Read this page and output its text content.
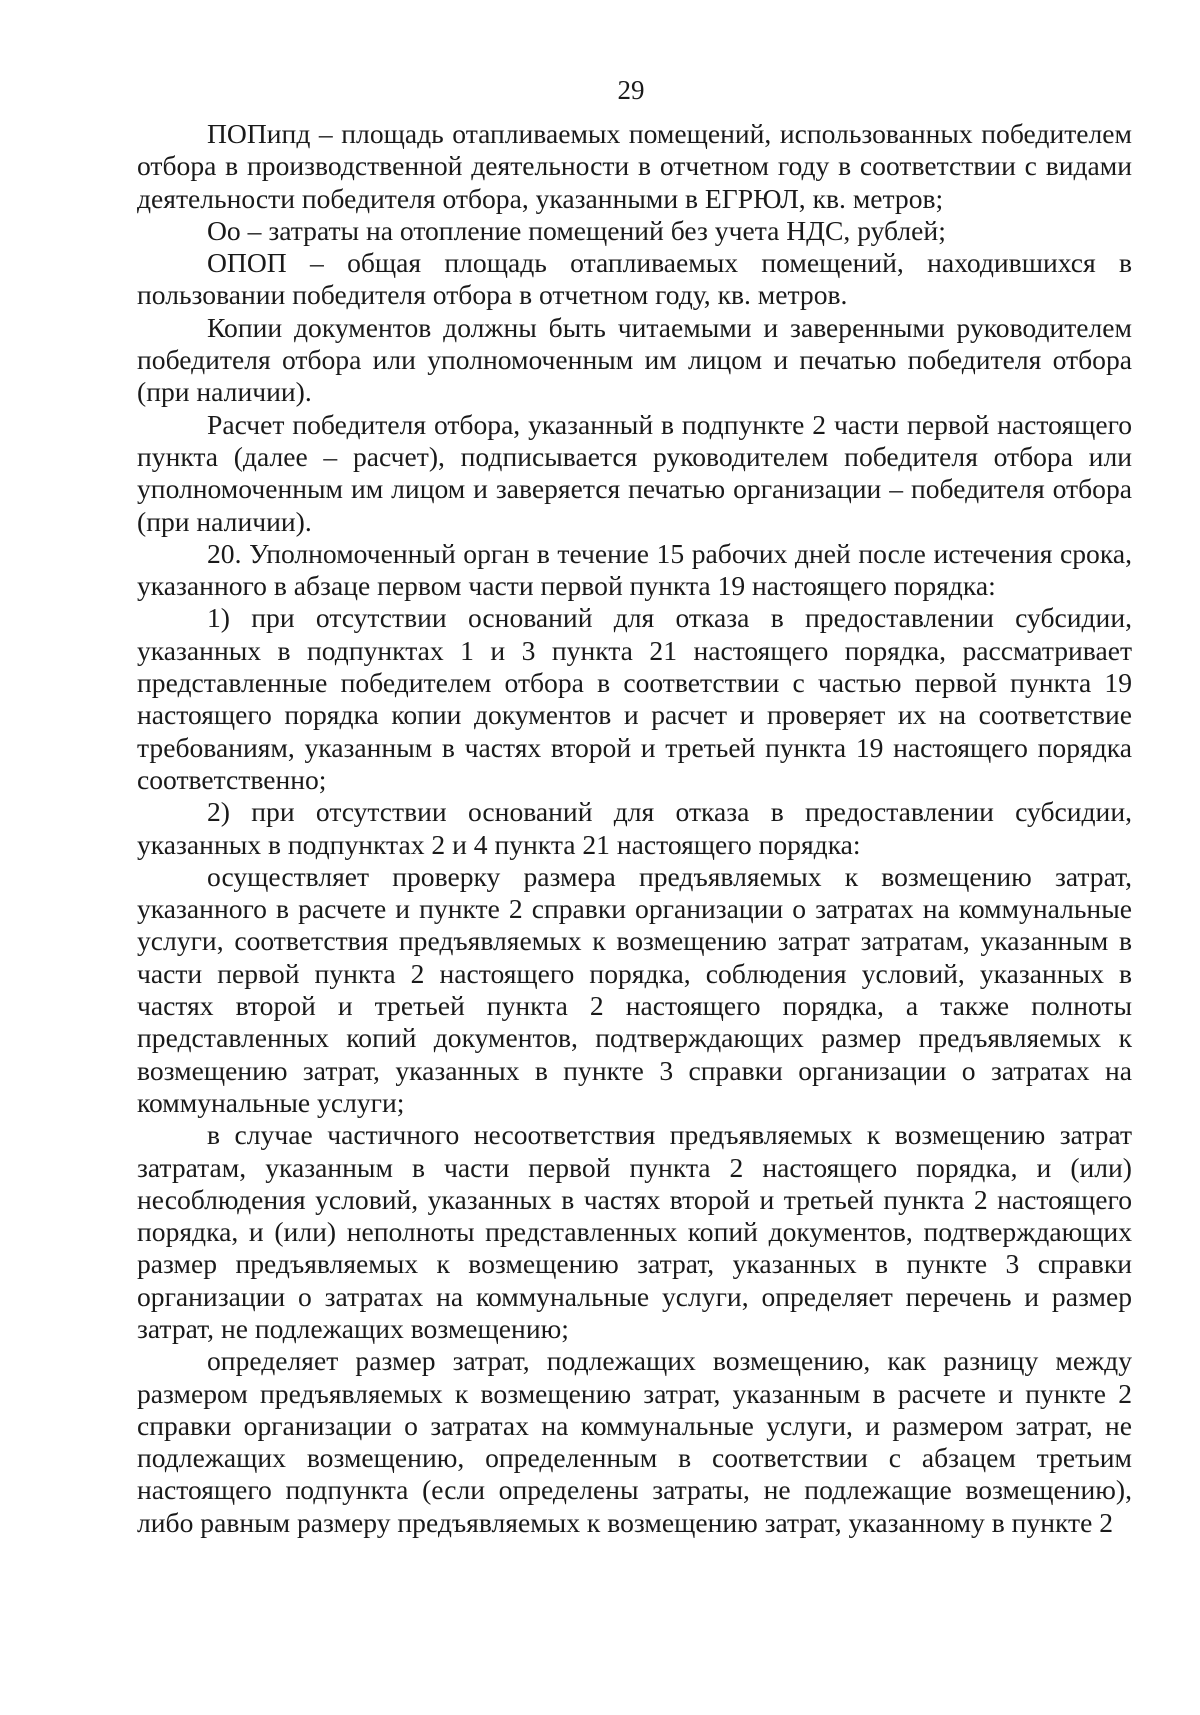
29

ПОПипд – площадь отапливаемых помещений, использованных победителем отбора в производственной деятельности в отчетном году в соответствии с видами деятельности победителя отбора, указанными в ЕГРЮЛ, кв. метров;

Оо – затраты на отопление помещений без учета НДС, рублей;

ОПОП – общая площадь отапливаемых помещений, находившихся в пользовании победителя отбора в отчетном году, кв. метров.

Копии документов должны быть читаемыми и заверенными руководителем победителя отбора или уполномоченным им лицом и печатью победителя отбора (при наличии).

Расчет победителя отбора, указанный в подпункте 2 части первой настоящего пункта (далее – расчет), подписывается руководителем победителя отбора или уполномоченным им лицом и заверяется печатью организации – победителя отбора (при наличии).

20. Уполномоченный орган в течение 15 рабочих дней после истечения срока, указанного в абзаце первом части первой пункта 19 настоящего порядка:

1) при отсутствии оснований для отказа в предоставлении субсидии, указанных в подпунктах 1 и 3 пункта 21 настоящего порядка, рассматривает представленные победителем отбора в соответствии с частью первой пункта 19 настоящего порядка копии документов и расчет и проверяет их на соответствие требованиям, указанным в частях второй и третьей пункта 19 настоящего порядка соответственно;

2) при отсутствии оснований для отказа в предоставлении субсидии, указанных в подпунктах 2 и 4 пункта 21 настоящего порядка:

осуществляет проверку размера предъявляемых к возмещению затрат, указанного в расчете и пункте 2 справки организации о затратах на коммунальные услуги, соответствия предъявляемых к возмещению затрат затратам, указанным в части первой пункта 2 настоящего порядка, соблюдения условий, указанных в частях второй и третьей пункта 2 настоящего порядка, а также полноты представленных копий документов, подтверждающих размер предъявляемых к возмещению затрат, указанных в пункте 3 справки организации о затратах на коммунальные услуги;

в случае частичного несоответствия предъявляемых к возмещению затрат затратам, указанным в части первой пункта 2 настоящего порядка, и (или) несоблюдения условий, указанных в частях второй и третьей пункта 2 настоящего порядка, и (или) неполноты представленных копий документов, подтверждающих размер предъявляемых к возмещению затрат, указанных в пункте 3 справки организации о затратах на коммунальные услуги, определяет перечень и размер затрат, не подлежащих возмещению;

определяет размер затрат, подлежащих возмещению, как разницу между размером предъявляемых к возмещению затрат, указанным в расчете и пункте 2 справки организации о затратах на коммунальные услуги, и размером затрат, не подлежащих возмещению, определенным в соответствии с абзацем третьим настоящего подпункта (если определены затраты, не подлежащие возмещению), либо равным размеру предъявляемых к возмещению затрат, указанному в пункте 2
